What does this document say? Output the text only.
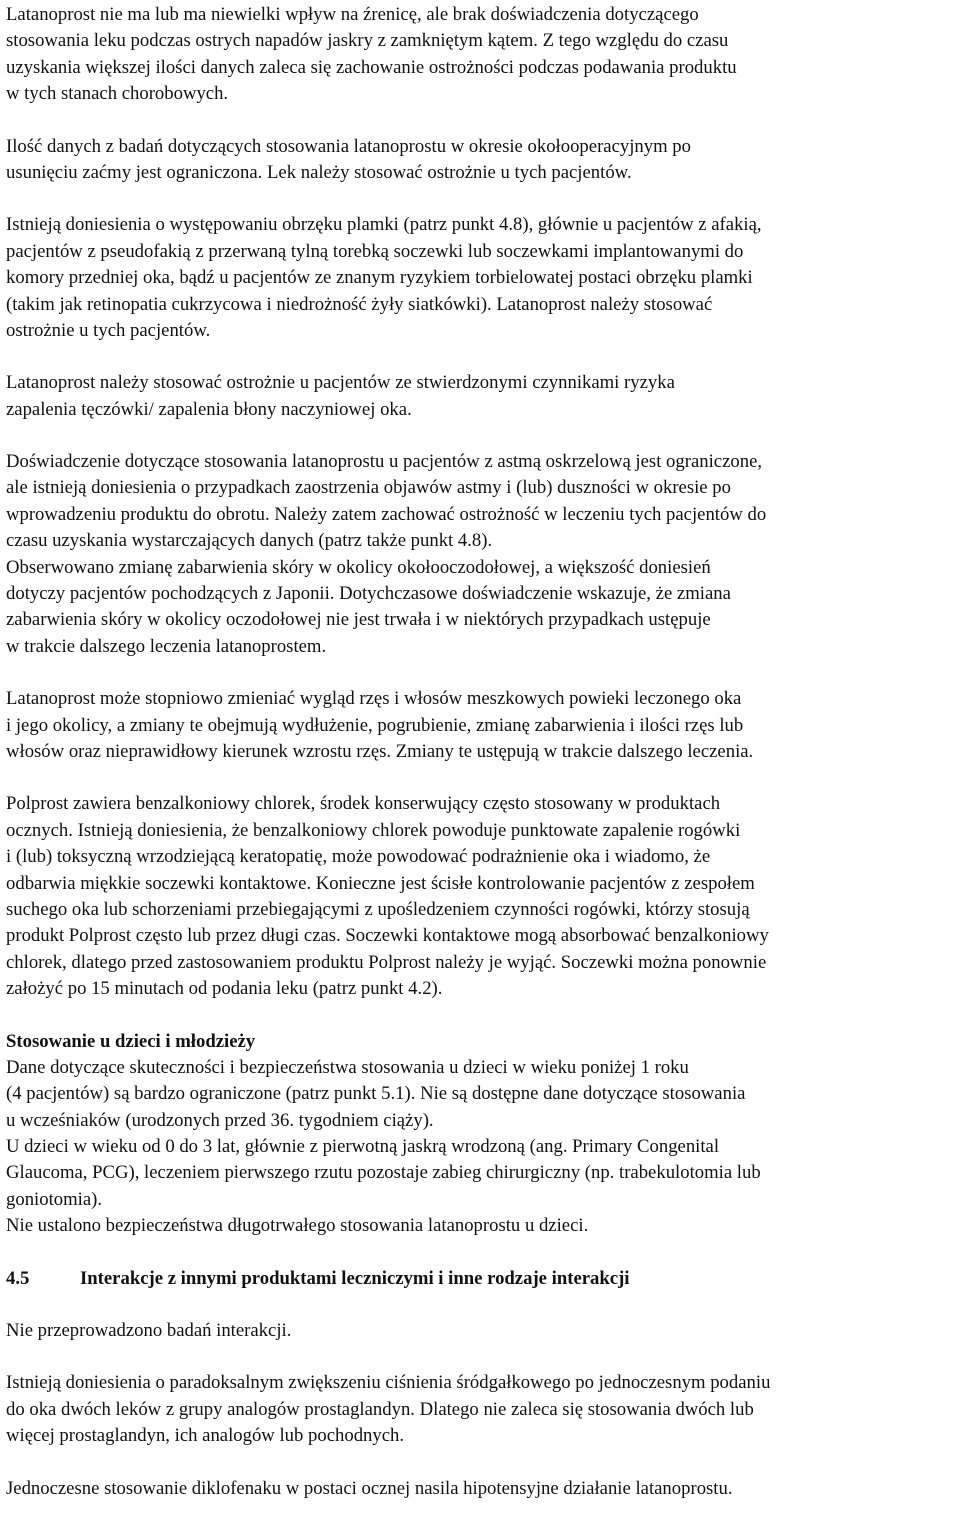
Latanoprost nie ma lub ma niewielki wpływ na źrenicę, ale brak doświadczenia dotyczącego
stosowania leku podczas ostrych napadów jaskry z zamkniętym kątem. Z tego względu do czasu
uzyskania większej ilości danych zaleca się zachowanie ostrożności podczas podawania produktu
w tych stanach chorobowych.
Ilość danych z badań dotyczących stosowania latanoprostu w okresie okołooperacyjnym po
usunięciu zaćmy jest ograniczona. Lek należy stosować ostrożnie u tych pacjentów.
Istnieją doniesienia o występowaniu obrzęku plamki (patrz punkt 4.8), głównie u pacjentów z afakią,
pacjentów z pseudofakią z przerwaną tylną torebką soczewki lub soczewkami implantowanymi do
komory przedniej oka, bądź u pacjentów ze znanym ryzykiem torbielowatej postaci obrzęku plamki
(takim jak retinopatia cukrzycowa i niedrożność żyły siatkówki). Latanoprost należy stosować
ostrożnie u tych pacjentów.
Latanoprost należy stosować ostrożnie u pacjentów ze stwierdzonymi czynnikami ryzyka
zapalenia tęczówki/ zapalenia błony naczyniowej oka.
Doświadczenie dotyczące stosowania latanoprostu u pacjentów z astmą oskrzelową jest ograniczone,
ale istnieją doniesienia o przypadkach zaostrzenia objawów astmy i (lub) duszności w okresie po
wprowadzeniu produktu do obrotu. Należy zatem zachować ostrożność w leczeniu tych pacjentów do
czasu uzyskania wystarczających danych (patrz także punkt 4.8).
Obserwowano zmianę zabarwienia skóry w okolicy okołooczodołowej, a większość doniesień
dotyczy pacjentów pochodzących z Japonii. Dotychczasowe doświadczenie wskazuje, że zmiana
zabarwienia skóry w okolicy oczodołowej nie jest trwała i w niektórych przypadkach ustępuje
w trakcie dalszego leczenia latanoprostem.
Latanoprost może stopniowo zmieniać wygląd rzęs i włosów meszkowych powieki leczonego oka
i jego okolicy, a zmiany te obejmują wydłużenie, pogrubienie, zmianę zabarwienia i ilości rzęs lub
włosów oraz nieprawidłowy kierunek wzrostu rzęs. Zmiany te ustępują w trakcie dalszego leczenia.
Polprost zawiera benzalkoniowy chlorek, środek konserwujący często stosowany w produktach
ocznych. Istnieją doniesienia, że benzalkoniowy chlorek powoduje punktowate zapalenie rogówki
i (lub) toksyczną wrzodziejącą keratopatię, może powodować podrażnienie oka i wiadomo, że
odbarwia miękkie soczewki kontaktowe. Konieczne jest ścisłe kontrolowanie pacjentów z zespołem
suchego oka lub schorzeniami przebiegającymi z upośledzeniem czynności rogówki, którzy stosują
produkt Polprost często lub przez długi czas. Soczewki kontaktowe mogą absorbować benzalkoniowy
chlorek, dlatego przed zastosowaniem produktu Polprost należy je wyjąć. Soczewki można ponownie
założyć po 15 minutach od podania leku (patrz punkt 4.2).
Stosowanie u dzieci i młodzieży
Dane dotyczące skuteczności i bezpieczeństwa stosowania u dzieci w wieku poniżej 1 roku
(4 pacjentów) są bardzo ograniczone (patrz punkt 5.1). Nie są dostępne dane dotyczące stosowania
u wcześniaków (urodzonych przed 36. tygodniem ciąży).
U dzieci w wieku od 0 do 3 lat, głównie z pierwotną jaskrą wrodzoną (ang. Primary Congenital
Glaucoma, PCG), leczeniem pierwszego rzutu pozostaje zabieg chirurgiczny (np. trabekulotomia lub
goniotomia).
Nie ustalono bezpieczeństwa długotrwałego stosowania latanoprostu u dzieci.
4.5	Interakcje z innymi produktami leczniczymi i inne rodzaje interakcji
Nie przeprowadzono badań interakcji.
Istnieją doniesienia o paradoksalnym zwiększeniu ciśnienia śródgałkowego po jednoczesnym podaniu
do oka dwóch leków z grupy analogów prostaglandyn. Dlatego nie zaleca się stosowania dwóch lub
więcej prostaglandyn, ich analogów lub pochodnych.
Jednoczesne stosowanie diklofenaku w postaci ocznej nasila hipotensyjne działanie latanoprostu.
